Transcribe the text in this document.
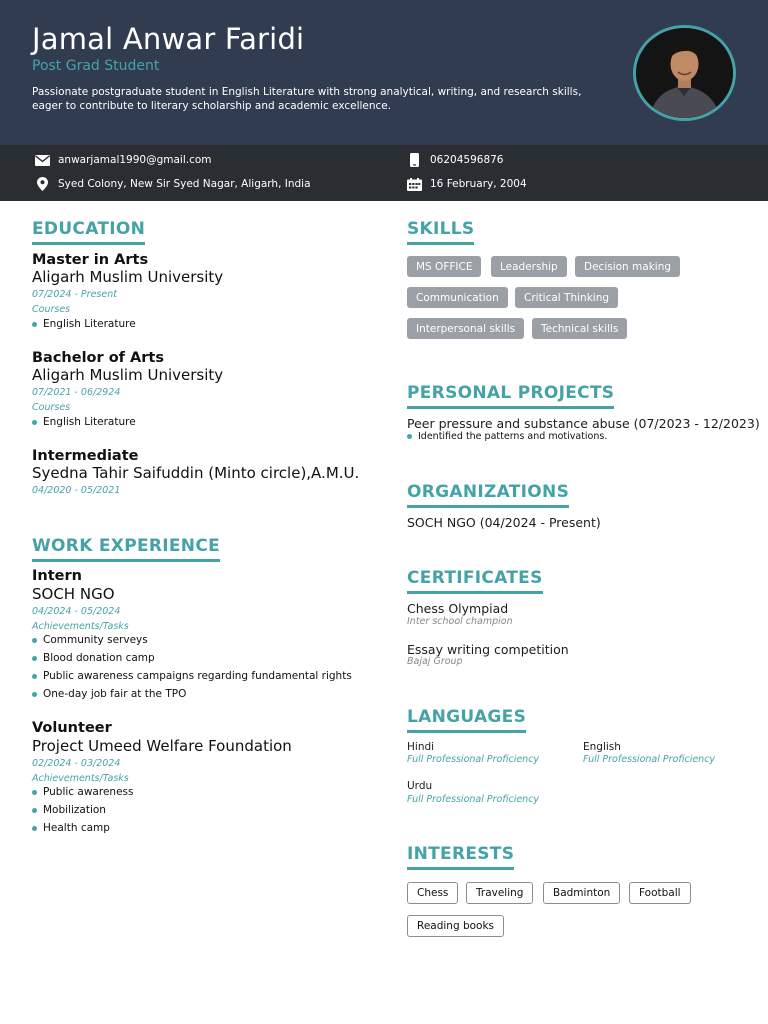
Jamal Anwar Faridi
Post Grad Student
Passionate postgraduate student in English Literature with strong analytical, writing, and research skills, eager to contribute to literary scholarship and academic excellence.
anwarjamal1990@gmail.com
Syed Colony, New Sir Syed Nagar, Aligarh, India
06204596876
16 February, 2004
EDUCATION
Master in Arts
Aligarh Muslim University
07/2024 - Present
Courses
English Literature
Bachelor of Arts
Aligarh Muslim University
07/2021 - 06/2924
Courses
English Literature
Intermediate
Syedna Tahir Saifuddin (Minto circle),A.M.U.
04/2020 - 05/2021
WORK EXPERIENCE
Intern
SOCH NGO
04/2024 - 05/2024
Achievements/Tasks
Community serveys
Blood donation camp
Public awareness campaigns regarding fundamental rights
One-day job fair at the TPO
Volunteer
Project Umeed Welfare Foundation
02/2024 - 03/2024
Achievements/Tasks
Public awareness
Mobilization
Health camp
SKILLS
MS OFFICE	Leadership	Decision making
Communication	Critical Thinking
Interpersonal skills	Technical skills
PERSONAL PROJECTS
Peer pressure and substance abuse (07/2023 - 12/2023)
Identified the patterns and motivations.
ORGANIZATIONS
SOCH NGO (04/2024 - Present)
CERTIFICATES
Chess Olympiad
Inter school champion
Essay writing competition
Bajaj Group
LANGUAGES
Hindi
Full Professional Proficiency
English
Full Professional Proficiency
Urdu
Full Professional Proficiency
INTERESTS
Chess	Traveling	Badminton	Football
Reading books
